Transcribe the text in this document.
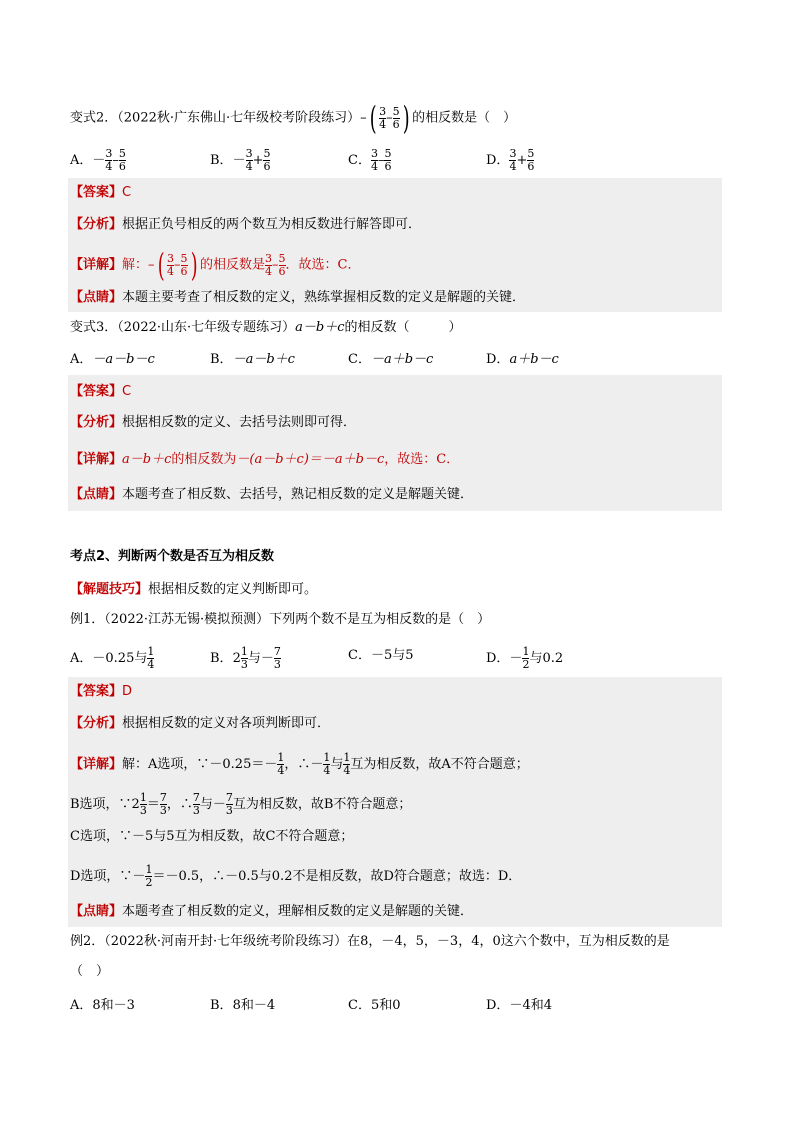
变式2．（2022秋·广东佛山·七年级校考阶段练习）–( $\frac{3}{4} - \frac{5}{6}$ ) 的相反数是（　）
A．－ $\frac{3}{4} - \frac{5}{6}$	B．－ $\frac{3}{4} + \frac{5}{6}$	C． $\frac{3}{4} - \frac{5}{6}$	D． $\frac{3}{4} + \frac{5}{6}$
【答案】C
【分析】根据正负号相反的两个数互为相反数进行解答即可．
【详解】解：–( $\frac{3}{4} - \frac{5}{6}$ ) 的相反数是 $\frac{3}{4} - \frac{5}{6}$ ．故选：C．
【点睛】本题主要考查了相反数的定义，熟练掌握相反数的定义是解题的关键．
变式3．（2022·山东·七年级专题练习）a－b＋c的相反数（　　　）
A．－a－b－c	B．－a－b＋c	C．－a＋b－c	D．a＋b－c
【答案】C
【分析】根据相反数的定义、去括号法则即可得．
【详解】a－b＋c的相反数为－(a－b＋c)＝－a＋b－c，故选：C．
【点睛】本题考查了相反数、去括号，熟记相反数的定义是解题关键．
考点2、判断两个数是否互为相反数
【解题技巧】根据相反数的定义判断即可。
例1．（2022·江苏无锡·模拟预测）下列两个数不是互为相反数的是（　）
A．－0.25与 $\frac{1}{4}$	B．$2 \frac{1}{3}$ 与－ $\frac{7}{3}$	C．－5与5	D．－ $\frac{1}{2}$ 与0.2
【答案】D
【分析】根据相反数的定义对各项判断即可．
【详解】解：A选项，∵－0.25＝－ $\frac{1}{4}$ ，∴－ $\frac{1}{4}$ 与 $\frac{1}{4}$ 互为相反数，故A不符合题意；
B选项，∵2 $\frac{1}{3} = \frac{7}{3}$ ，∴ $\frac{7}{3}$ 与－ $\frac{7}{3}$ 互为相反数，故B不符合题意；
C选项，∵－5与5互为相反数，故C不符合题意；
D选项，∵－ $\frac{1}{2} =-0.5$，∴－0.5与0.2不是相反数，故D符合题意；故选：D．
【点睛】本题考查了相反数的定义，理解相反数的定义是解题的关键．
例2．（2022秋·河南开封·七年级统考阶段练习）在8，－4，5，－3，4，0这六个数中，互为相反数的是
（　）
A．8和－3	B．8和－4	C．5和0	D．－4和4
